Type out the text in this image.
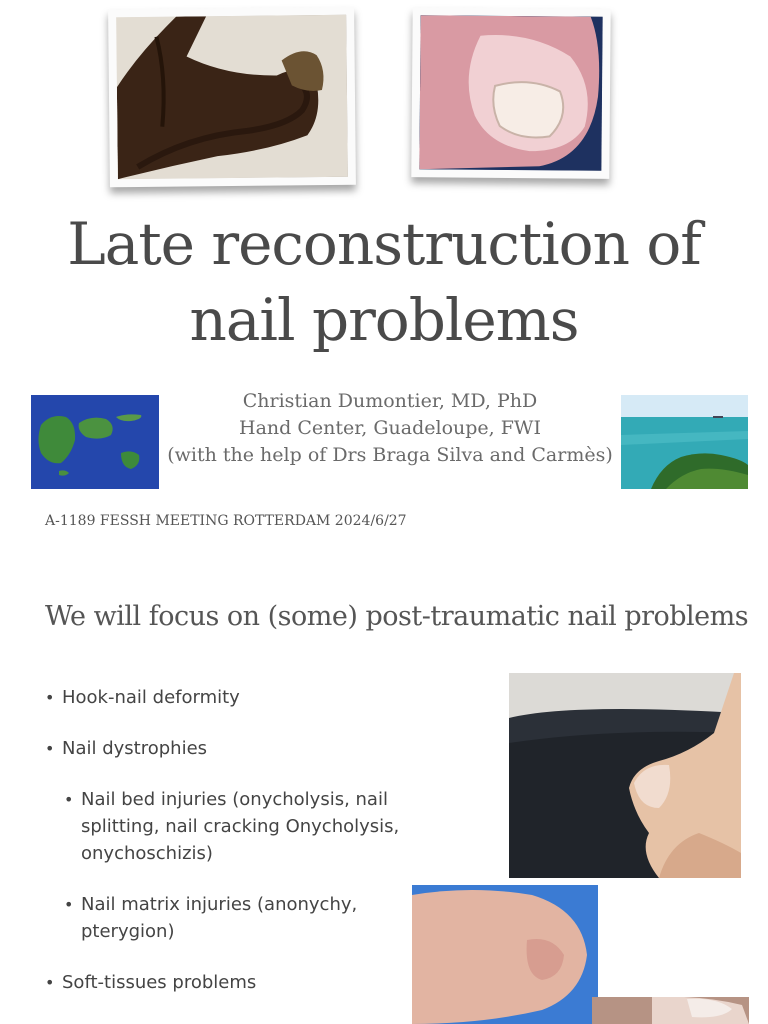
Late reconstruction of
nail problems
Christian Dumontier, MD, PhD
Hand Center, Guadeloupe, FWI
(with the help of Drs Braga Silva and Carmès)
A-1189 FESSH MEETING ROTTERDAM 2024/6/27
We will focus on (some) post-traumatic nail problems
• Hook-nail deformity
• Nail dystrophies
• Nail bed injuries (onycholysis, nail splitting, nail cracking Onycholysis, onychoschizis)
• Nail matrix injuries (anonychy, pterygion)
• Soft-tissues problems
